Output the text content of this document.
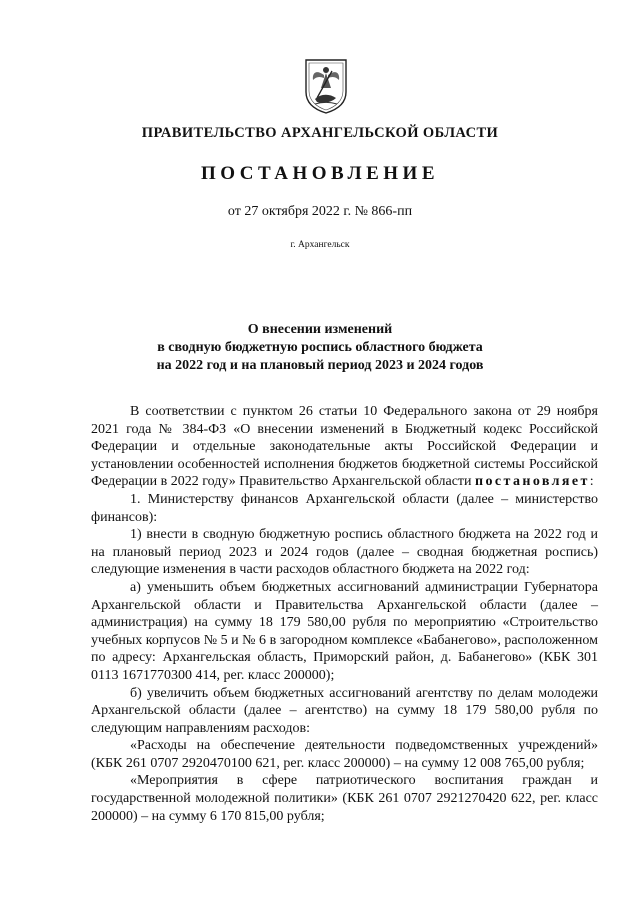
ПРАВИТЕЛЬСТВО АРХАНГЕЛЬСКОЙ ОБЛАСТИ
ПОСТАНОВЛЕНИЕ
от 27 октября 2022 г. № 866-пп
г. Архангельск
О внесении изменений
в сводную бюджетную роспись областного бюджета
на 2022 год и на плановый период 2023 и 2024 годов

В соответствии с пунктом 26 статьи 10 Федерального закона от 29 ноября 2021 года № 384-ФЗ «О внесении изменений в Бюджетный кодекс Российской Федерации и отдельные законодательные акты Российской Федерации и установлении особенностей исполнения бюджетов бюджетной системы Российской Федерации в 2022 году» Правительство Архангельской области постановляет:

1. Министерству финансов Архангельской области (далее – министерство финансов):

1) внести в сводную бюджетную роспись областного бюджета на 2022 год и на плановый период 2023 и 2024 годов (далее – сводная бюджетная роспись) следующие изменения в части расходов областного бюджета на 2022 год:

а) уменьшить объем бюджетных ассигнований администрации Губернатора Архангельской области и Правительства Архангельской области (далее – администрация) на сумму 18 179 580,00 рубля по мероприятию «Строительство учебных корпусов № 5 и № 6 в загородном комплексе «Бабанегово», расположенном по адресу: Архангельская область, Приморский район, д. Бабанегово» (КБК 301 0113 1671770300 414, рег. класс 200000);

б) увеличить объем бюджетных ассигнований агентству по делам молодежи Архангельской области (далее – агентство) на сумму 18 179 580,00 рубля по следующим направлениям расходов:

«Расходы на обеспечение деятельности подведомственных учреждений» (КБК 261 0707 2920470100 621, рег. класс 200000) – на сумму 12 008 765,00 рубля;

«Мероприятия в сфере патриотического воспитания граждан и государственной молодежной политики» (КБК 261 0707 2921270420 622, рег. класс 200000) – на сумму 6 170 815,00 рубля;
